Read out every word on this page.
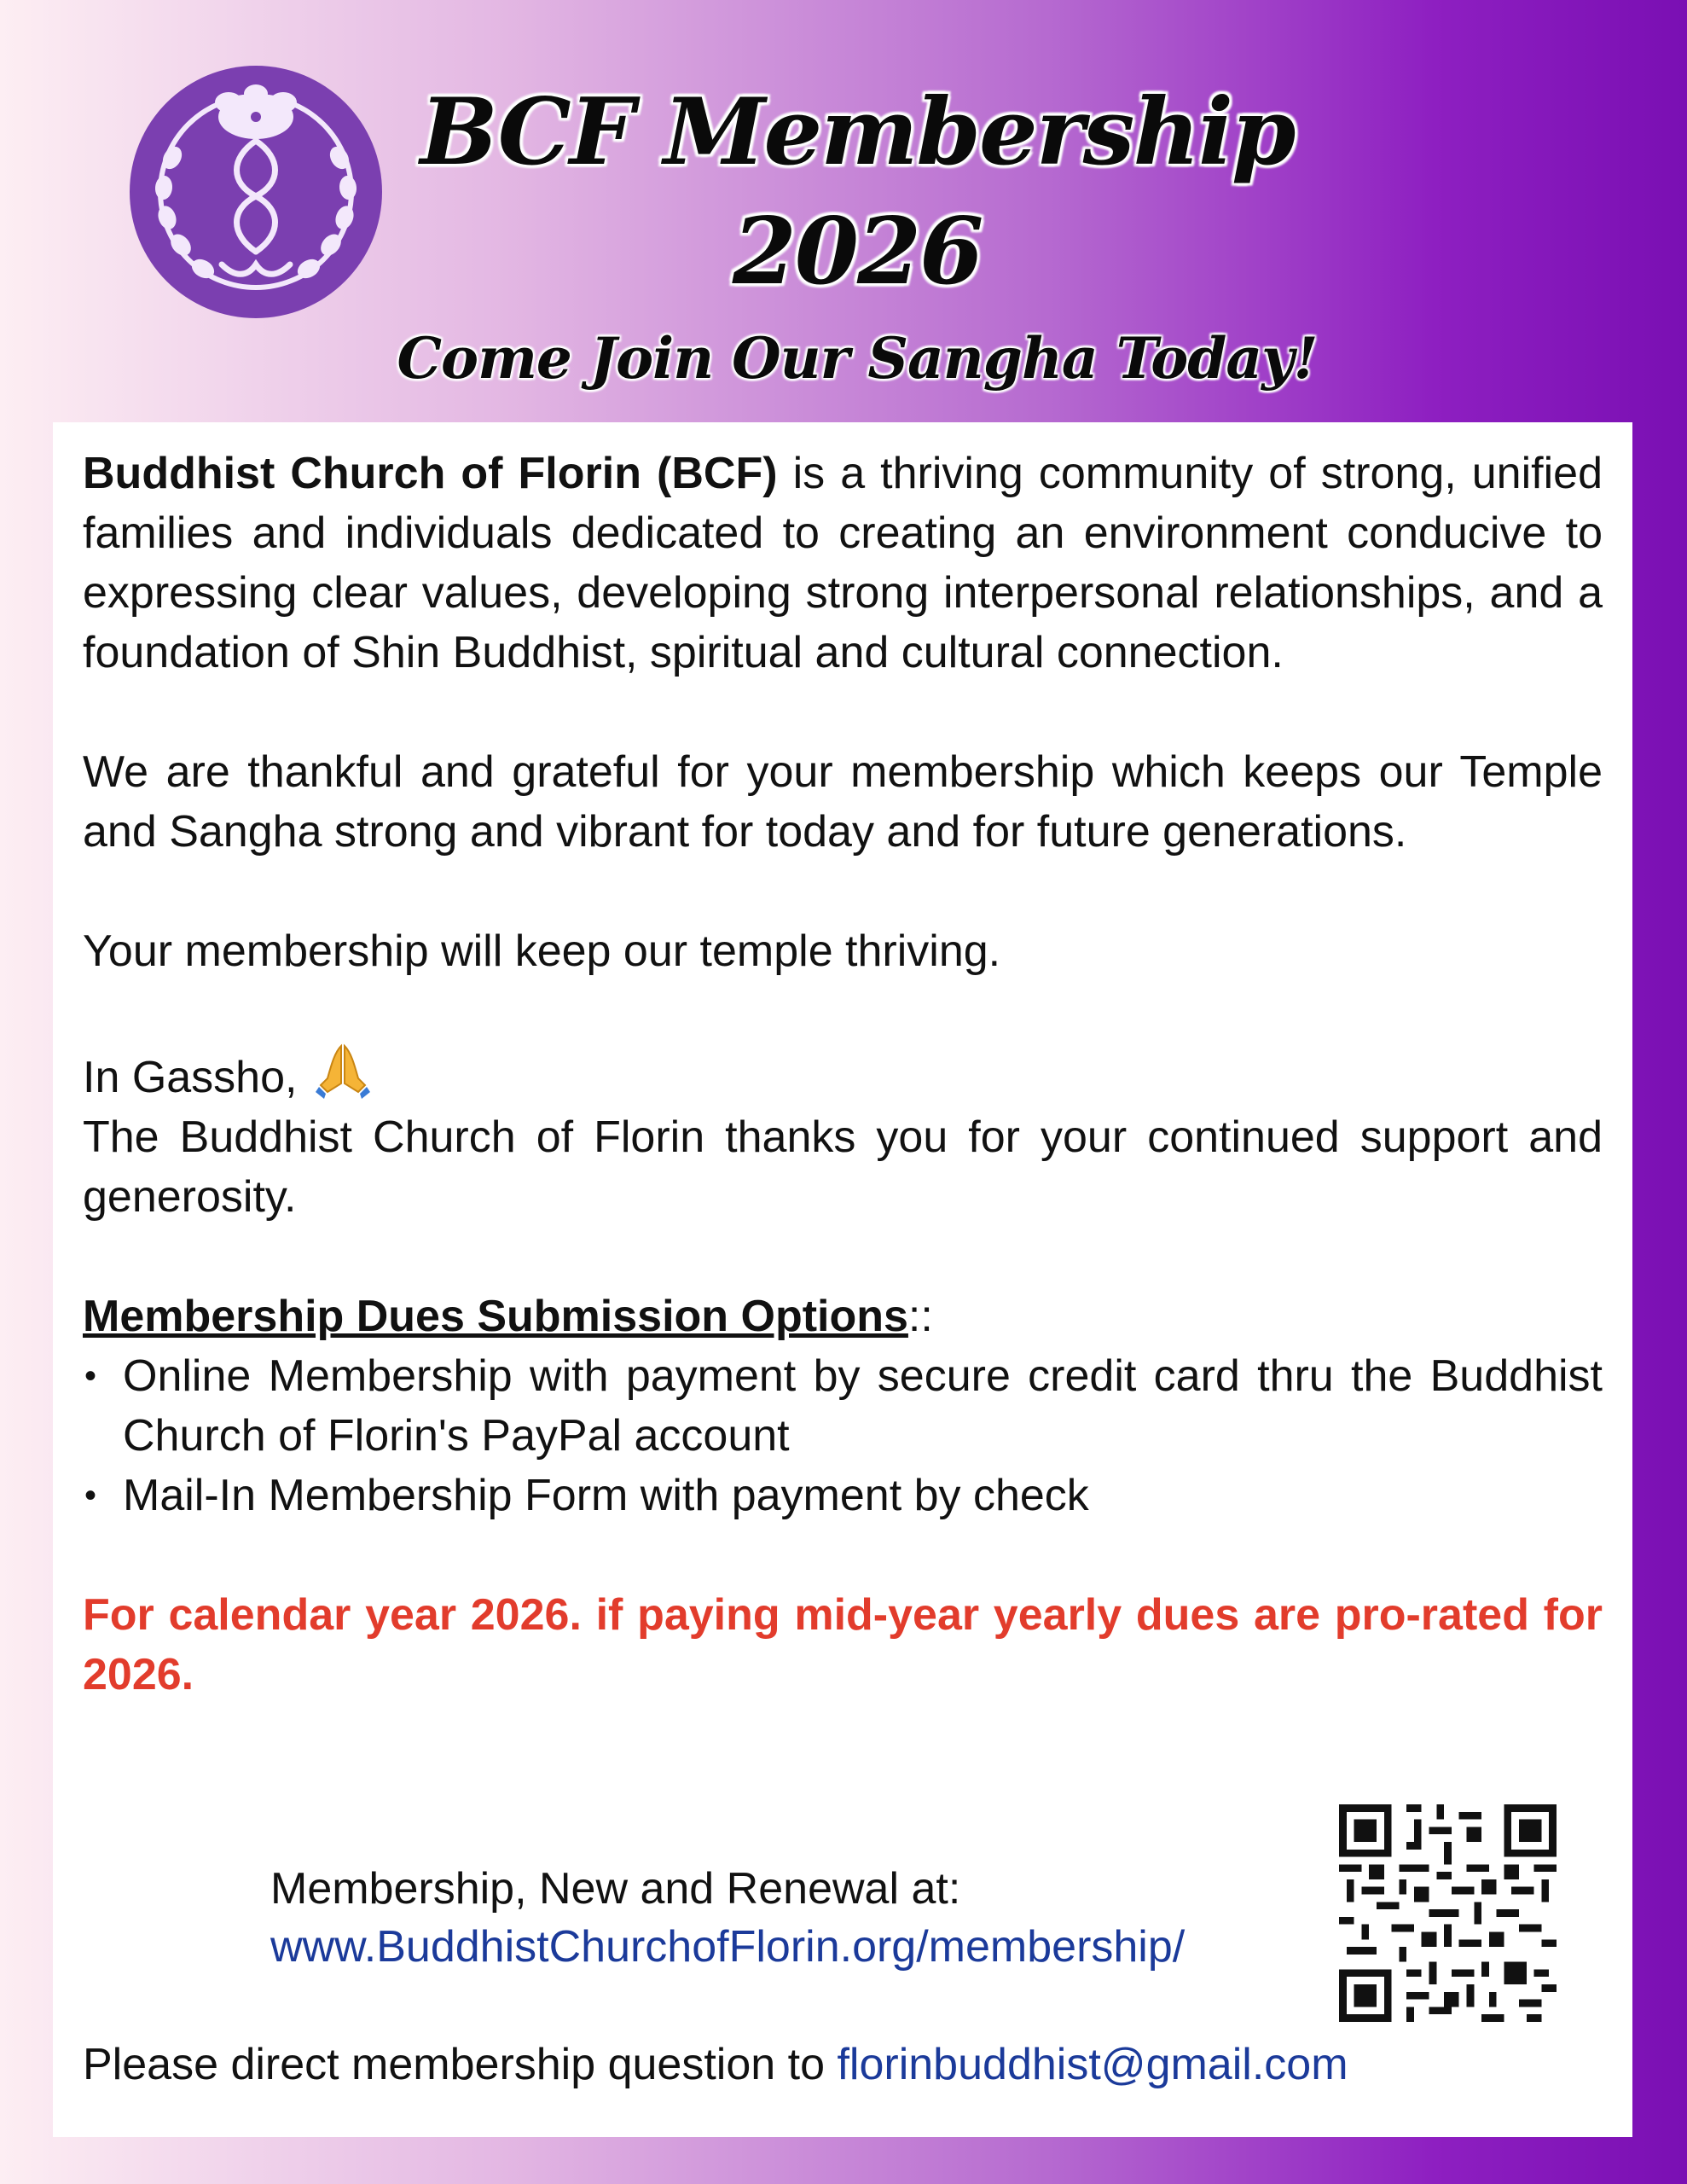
BCF Membership
2026
Come Join Our Sangha Today!

Buddhist Church of Florin (BCF) is a thriving community of strong, unified families and individuals dedicated to creating an environment conducive to expressing clear values, developing strong interpersonal relationships, and a foundation of Shin Buddhist, spiritual and cultural connection.

We are thankful and grateful for your membership which keeps our Temple and Sangha strong and vibrant for today and for future generations.

Your membership will keep our temple thriving.

In Gassho,

The Buddhist Church of Florin thanks you for your continued support and generosity.

Membership Dues Submission Options::

• Online Membership with payment by secure credit card thru the Buddhist Church of Florin's PayPal account
• Mail-In Membership Form with payment by check

For calendar year 2026. if paying mid-year yearly dues are pro-rated for 2026.

Membership, New and Renewal at:
www.BuddhistChurchofFlorin.org/membership/
Please direct membership question to florinbuddhist@gmail.com
